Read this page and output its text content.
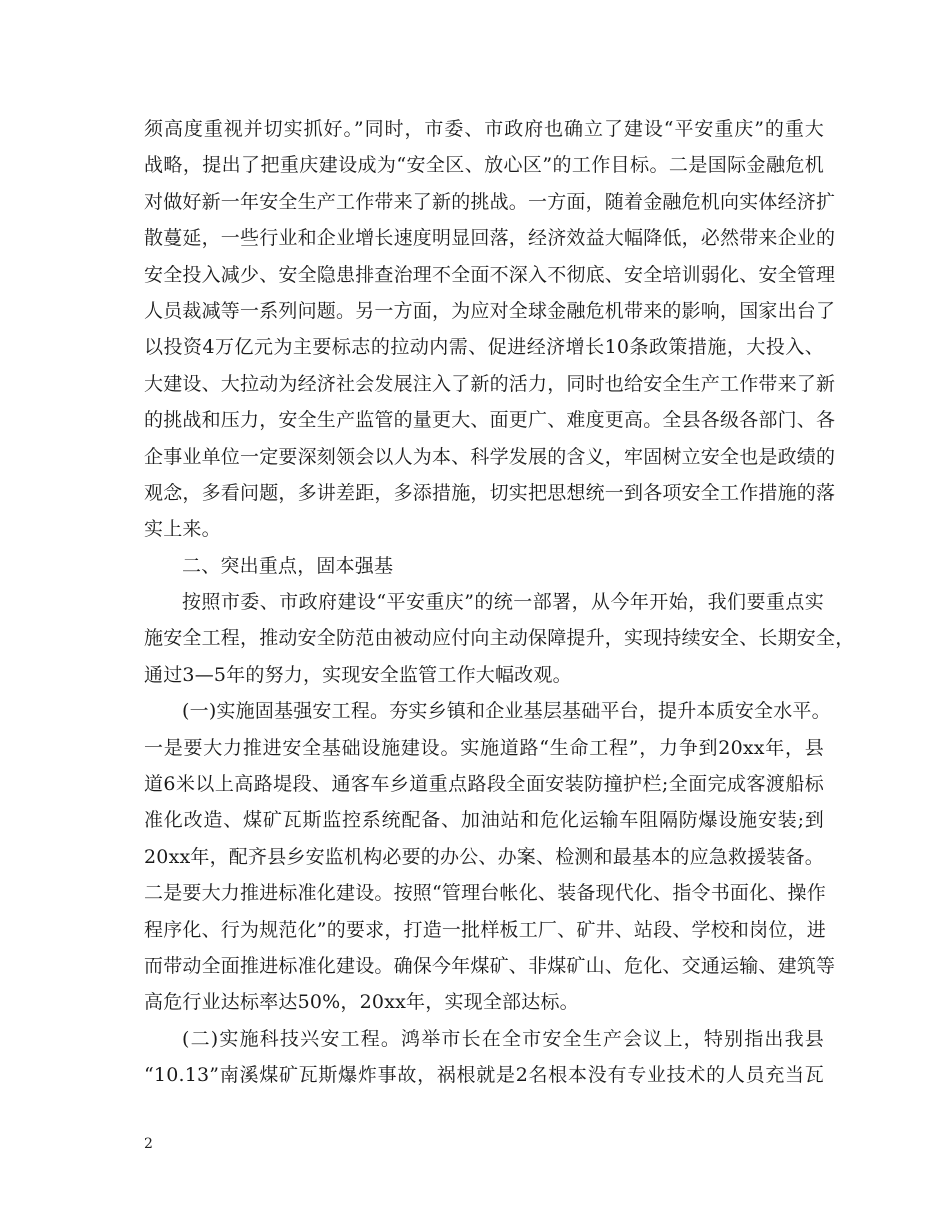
须高度重视并切实抓好。”同时，市委、市政府也确立了建设“平安重庆”的重大
战略，提出了把重庆建设成为“安全区、放心区”的工作目标。二是国际金融危机
对做好新一年安全生产工作带来了新的挑战。一方面，随着金融危机向实体经济扩
散蔓延，一些行业和企业增长速度明显回落，经济效益大幅降低，必然带来企业的
安全投入减少、安全隐患排查治理不全面不深入不彻底、安全培训弱化、安全管理
人员裁减等一系列问题。另一方面，为应对全球金融危机带来的影响，国家出台了
以投资4万亿元为主要标志的拉动内需、促进经济增长10条政策措施，大投入、
大建设、大拉动为经济社会发展注入了新的活力，同时也给安全生产工作带来了新
的挑战和压力，安全生产监管的量更大、面更广、难度更高。全县各级各部门、各
企事业单位一定要深刻领会以人为本、科学发展的含义，牢固树立安全也是政绩的
观念，多看问题，多讲差距，多添措施，切实把思想统一到各项安全工作措施的落
实上来。
二、突出重点，固本强基
按照市委、市政府建设“平安重庆”的统一部署，从今年开始，我们要重点实
施安全工程，推动安全防范由被动应付向主动保障提升，实现持续安全、长期安全，
通过3—5年的努力，实现安全监管工作大幅改观。
(一)实施固基强安工程。夯实乡镇和企业基层基础平台，提升本质安全水平。
一是要大力推进安全基础设施建设。实施道路“生命工程”，力争到20xx年，县
道6米以上高路堤段、通客车乡道重点路段全面安装防撞护栏;全面完成客渡船标
准化改造、煤矿瓦斯监控系统配备、加油站和危化运输车阻隔防爆设施安装;到
20xx年，配齐县乡安监机构必要的办公、办案、检测和最基本的应急救援装备。
二是要大力推进标准化建设。按照“管理台帐化、装备现代化、指令书面化、操作
程序化、行为规范化”的要求，打造一批样板工厂、矿井、站段、学校和岗位，进
而带动全面推进标准化建设。确保今年煤矿、非煤矿山、危化、交通运输、建筑等
高危行业达标率达50%，20xx年，实现全部达标。
(二)实施科技兴安工程。鸿举市长在全市安全生产会议上，特别指出我县
“10.13”南溪煤矿瓦斯爆炸事故，祸根就是2名根本没有专业技术的人员充当瓦
2
